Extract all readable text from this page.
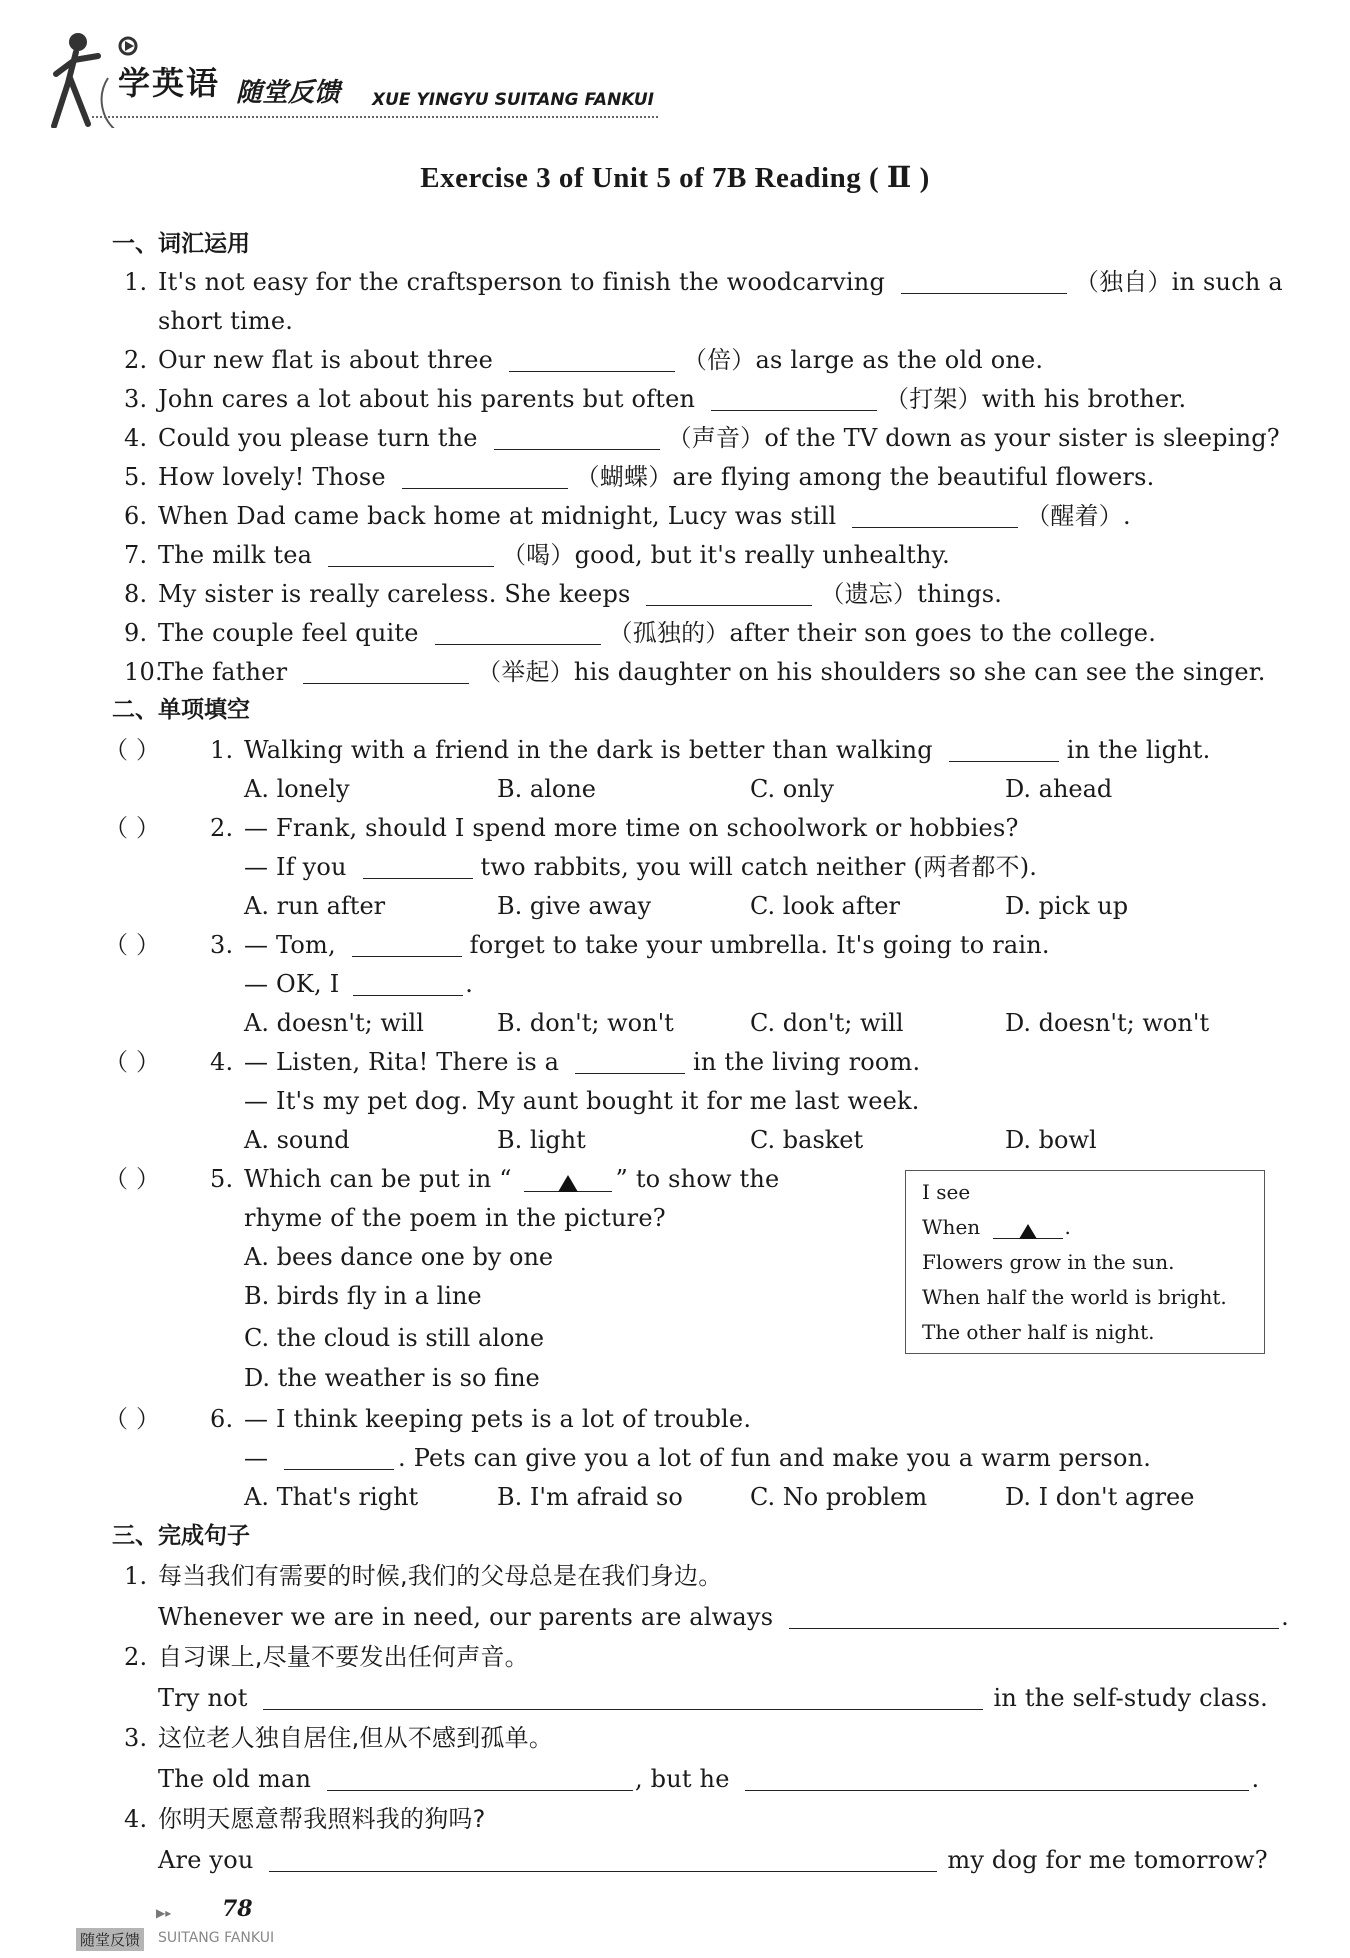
学英语 随堂反馈 XUE YINGYU SUITANG FANKUI
Exercise 3 of Unit 5 of 7B Reading ( Ⅱ )
一、词汇运用
1. It's not easy for the craftsperson to finish the woodcarving	（独自）in such a
short time.
2. Our new flat is about three	（倍）as large as the old one.
3. John cares a lot about his parents but often	（打架）with his brother.
4. Could you please turn the	（声音）of the TV down as your sister is sleeping?
5. How lovely! Those	（蝴蝶）are flying among the beautiful flowers.
6. When Dad came back home at midnight, Lucy was still	（醒着）.
7. The milk tea	（喝）good, but it's really unhealthy.
8. My sister is really careless. She keeps	（遗忘）things.
9. The couple feel quite	（孤独的）after their son goes to the college.
10.The father	（举起）his daughter on his shoulders so she can see the singer.
二、单项填空
（ ） 1. Walking with a friend in the dark is better than walking	in the light.
A. lonely	B. alone	C. only	D. ahead
（ ） 2. — Frank, should I spend more time on schoolwork or hobbies?
— If you	two rabbits, you will catch neither (两者都不).
A. run after	B. give away	C. look after	D. pick up
（ ） 3. — Tom,	forget to take your umbrella. It's going to rain.
— OK, I	.
A. doesn't; will	B. don't; won't	C. don't; will	D. doesn't; won't
（ ） 4. — Listen, Rita! There is a	in the living room.
— It's my pet dog. My aunt bought it for me last week.
A. sound	B. light	C. basket	D. bowl
（ ） 5. Which can be put in “	” to show the
rhyme of the poem in the picture?
A. bees dance one by one
B. birds fly in a line
C. the cloud is still alone
D. the weather is so fine
I see
When	.
Flowers grow in the sun.
When half the world is bright.
The other half is night.
（ ） 6. — I think keeping pets is a lot of trouble.
—	. Pets can give you a lot of fun and make you a warm person.
A. That's right	B. I'm afraid so	C. No problem	D. I don't agree
三、完成句子
1. 每当我们有需要的时候,我们的父母总是在我们身边。
Whenever we are in need, our parents are always	.
2. 自习课上,尽量不要发出任何声音。
Try not	in the self-study class.
3. 这位老人独自居住,但从不感到孤单。
The old man	, but he	.
4. 你明天愿意帮我照料我的狗吗?
Are you	my dog for me tomorrow?
▶▸ 78
随堂反馈 SUITANG FANKUI
